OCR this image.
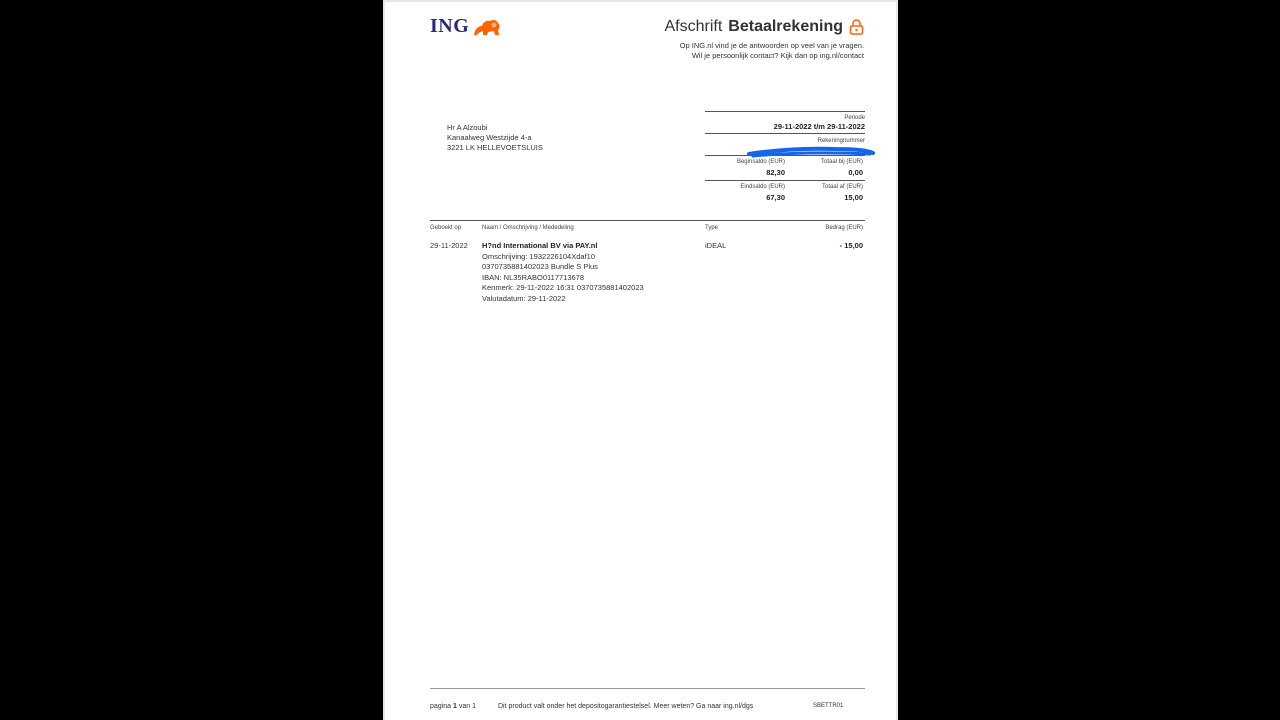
ING	Afschrift Betaalrekening
Op ING.nl vind je de antwoorden op veel van je vragen.
Wil je persoonlijk contact? Kijk dan op ing.nl/contact
Hr A Alzoubi
Kanaalweg Westzijde 4-a
3221 LK HELLEVOETSLUIS
Periode
29-11-2022 t/m 29-11-2022
Rekeningnummer
Beginsaldo (EUR)
82,30
Totaal bij (EUR)
0,00
Eindsaldo (EUR)
67,30
Totaal af (EUR)
15,00
Geboekt op	Naam / Omschrijving / Mededeling	Type	Bedrag (EUR)
29-11-2022 H?nd International BV via PAY.nl
Omschrijving: 1932226104Xdaf10
0370735881402023 Bundle S Plus
IBAN: NL35RABO0117713678
Kenmerk: 29-11-2022 16:31 0370735881402023
Valutadatum: 29-11-2022
iDEAL	- 15,00
pagina 1 van 1	Dit product valt onder het depositogarantiestelsel. Meer weten? Ga naar ing.nl/dgs	SBETTR01
